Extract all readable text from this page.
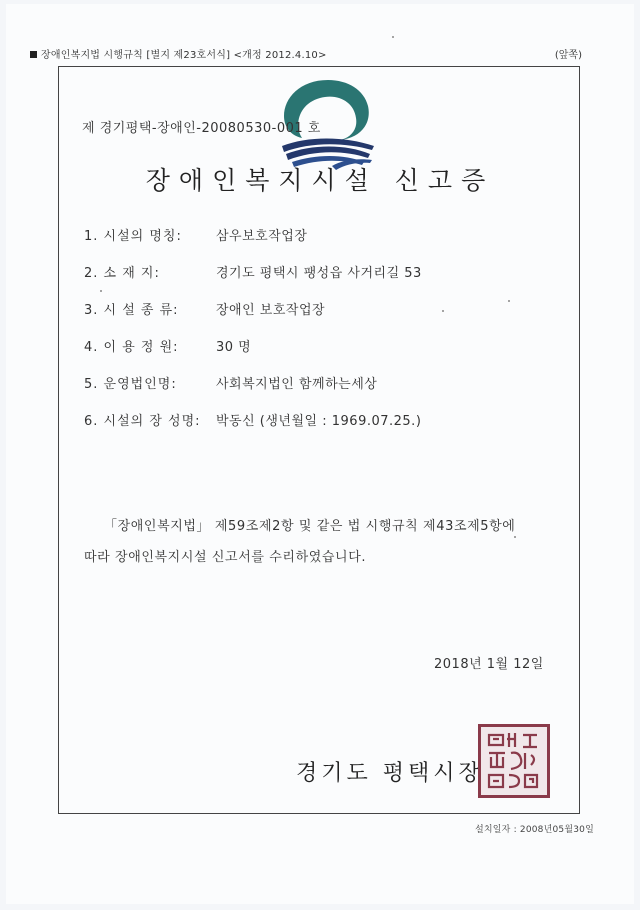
장애인복지법 시행규칙 [별지 제23호서식] <개정 2012.4.10>	(앞쪽)
제 경기평택-장애인-20080530-001 호
장애인복지시설 신고증
1. 시설의 명칭:	삼우보호작업장
2. 소 재 지:	경기도 평택시 팽성읍 사거리길 53
3. 시 설 종 류:	장애인 보호작업장
4. 이 용 정 원:	30 명
5. 운영법인명:	사회복지법인 함께하는세상
6. 시설의 장 성명: 박동신 (생년월일 : 1969.07.25.)
「장애인복지법」 제59조제2항 및 같은 법 시행규칙 제43조제5항에
따라 장애인복지시설 신고서를 수리하였습니다.
2018년 1월 12일
경기도 평택시장
설치일자 : 2008년05월30일
